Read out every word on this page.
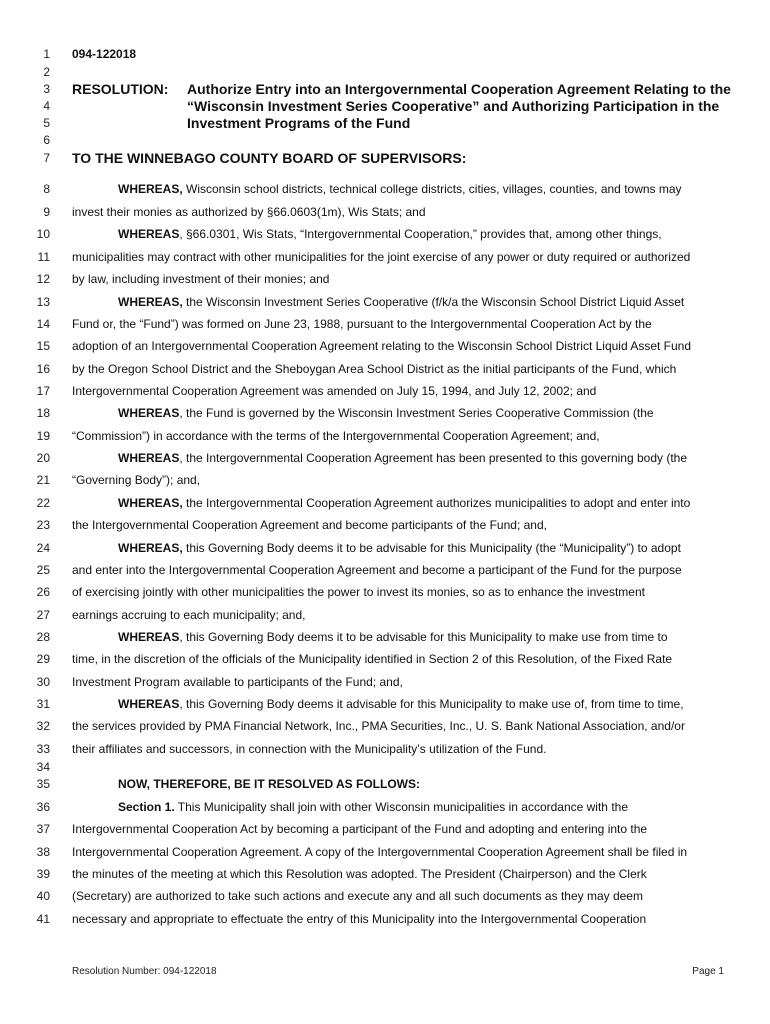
094-122018
RESOLUTION: Authorize Entry into an Intergovernmental Cooperation Agreement Relating to the
“Wisconsin Investment Series Cooperative” and Authorizing Participation in the
Investment Programs of the Fund
TO THE WINNEBAGO COUNTY BOARD OF SUPERVISORS:
1
2
3
4
5
6
7
8
9
10
11
12
13
14
15
16
17
18
19
20
21
22
23
24
25
26
27
28
29
30
31
32
33
34
35
36
37
38
39
40
41
WHEREAS, Wisconsin school districts, technical college districts, cities, villages, counties, and towns may
invest their monies as authorized by §66.0603(1m), Wis Stats; and
WHEREAS, §66.0301, Wis Stats, “Intergovernmental Cooperation,” provides that, among other things,
municipalities may contract with other municipalities for the joint exercise of any power or duty required or authorized
by law, including investment of their monies; and
WHEREAS, the Wisconsin Investment Series Cooperative (f/k/a the Wisconsin School District Liquid Asset
Fund or, the “Fund”) was formed on June 23, 1988, pursuant to the Intergovernmental Cooperation Act by the
adoption of an Intergovernmental Cooperation Agreement relating to the Wisconsin School District Liquid Asset Fund
by the Oregon School District and the Sheboygan Area School District as the initial participants of the Fund, which
Intergovernmental Cooperation Agreement was amended on July 15, 1994, and July 12, 2002; and
WHEREAS, the Fund is governed by the Wisconsin Investment Series Cooperative Commission (the
“Commission”) in accordance with the terms of the Intergovernmental Cooperation Agreement; and,
WHEREAS, the Intergovernmental Cooperation Agreement has been presented to this governing body (the
“Governing Body”); and,
WHEREAS, the Intergovernmental Cooperation Agreement authorizes municipalities to adopt and enter into
the Intergovernmental Cooperation Agreement and become participants of the Fund; and,
WHEREAS, this Governing Body deems it to be advisable for this Municipality (the “Municipality”) to adopt
and enter into the Intergovernmental Cooperation Agreement and become a participant of the Fund for the purpose
of exercising jointly with other municipalities the power to invest its monies, so as to enhance the investment
earnings accruing to each municipality; and,
WHEREAS, this Governing Body deems it to be advisable for this Municipality to make use from time to
time, in the discretion of the officials of the Municipality identified in Section 2 of this Resolution, of the Fixed Rate
Investment Program available to participants of the Fund; and,
WHEREAS, this Governing Body deems it advisable for this Municipality to make use of, from time to time,
the services provided by PMA Financial Network, Inc., PMA Securities, Inc., U. S. Bank National Association, and/or
their affiliates and successors, in connection with the Municipality’s utilization of the Fund.
NOW, THEREFORE, BE IT RESOLVED AS FOLLOWS:
Section 1. This Municipality shall join with other Wisconsin municipalities in accordance with the
Intergovernmental Cooperation Act by becoming a participant of the Fund and adopting and entering into the
Intergovernmental Cooperation Agreement. A copy of the Intergovernmental Cooperation Agreement shall be filed in
the minutes of the meeting at which this Resolution was adopted. The President (Chairperson) and the Clerk
(Secretary) are authorized to take such actions and execute any and all such documents as they may deem
necessary and appropriate to effectuate the entry of this Municipality into the Intergovernmental Cooperation
Resolution Number: 094-122018	Page 1
